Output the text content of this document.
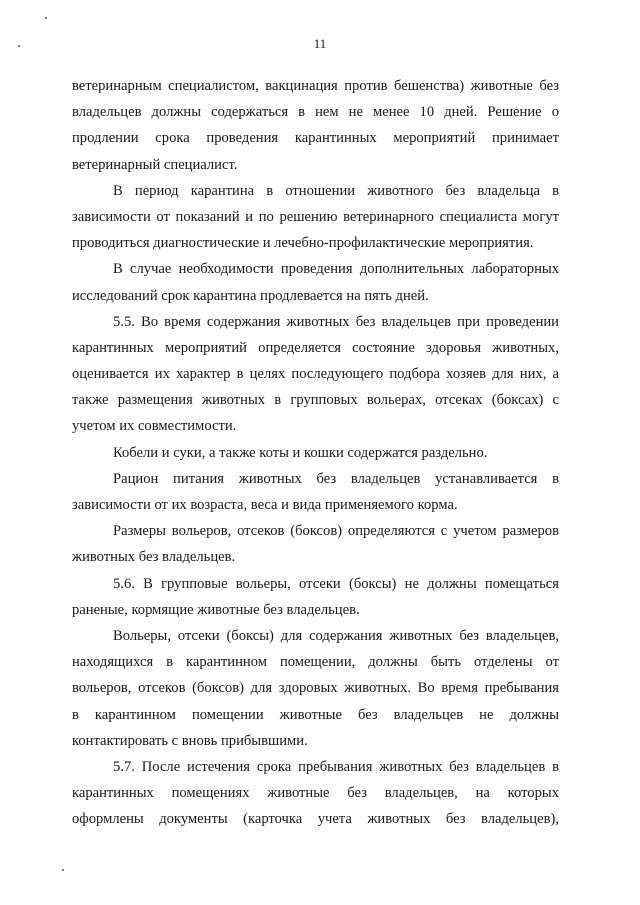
11

ветеринарным специалистом, вакцинация против бешенства) животные без
владельцев должны содержаться в нем не менее 10 дней. Решение о
продлении срока проведения карантинных мероприятий принимает
ветеринарный специалист.

В период карантина в отношении животного без владельца в
зависимости от показаний и по решению ветеринарного специалиста могут
проводиться диагностические и лечебно-профилактические мероприятия.

В случае необходимости проведения дополнительных лабораторных
исследований срок карантина продлевается на пять дней.

5.5. Во время содержания животных без владельцев при проведении
карантинных мероприятий определяется состояние здоровья животных,
оценивается их характер в целях последующего подбора хозяев для них, а
также размещения животных в групповых вольерах, отсеках (боксах) с
учетом их совместимости.

Кобели и суки, а также коты и кошки содержатся раздельно.

Рацион питания животных без владельцев устанавливается в
зависимости от их возраста, веса и вида применяемого корма.

Размеры вольеров, отсеков (боксов) определяются с учетом размеров
животных без владельцев.

5.6. В групповые вольеры, отсеки (боксы) не должны помещаться
раненые, кормящие животные без владельцев.

Вольеры, отсеки (боксы) для содержания животных без владельцев,
находящихся в карантинном помещении, должны быть отделены от
вольеров, отсеков (боксов) для здоровых животных. Во время пребывания
в карантинном помещении животные без владельцев не должны
контактировать с вновь прибывшими.

5.7. После истечения срока пребывания животных без владельцев в
карантинных помещениях животные без владельцев, на которых
оформлены документы (карточка учета животных без владельцев),
